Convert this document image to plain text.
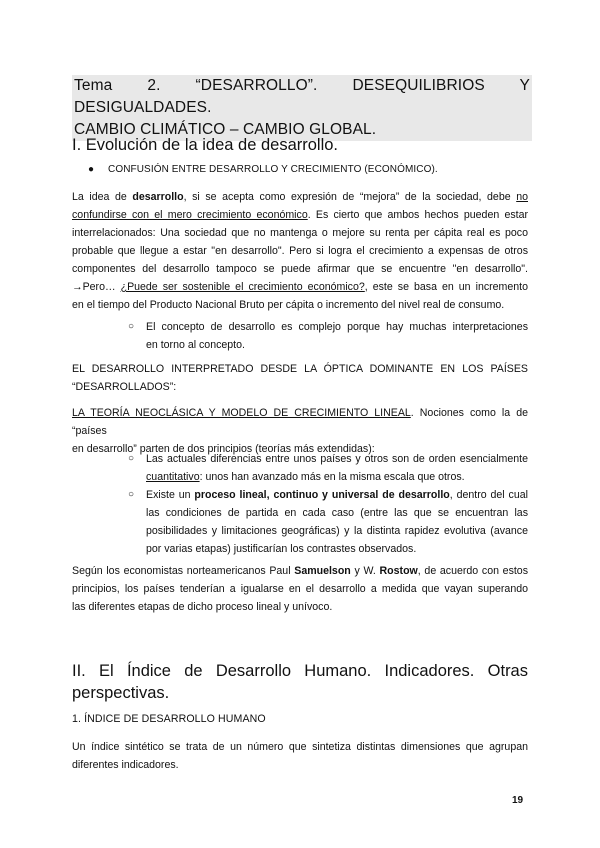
Tema 2. “DESARROLLO”. DESEQUILIBRIOS Y DESIGUALDADES.
CAMBIO CLIMÁTICO – CAMBIO GLOBAL.
I. Evolución de la idea de desarrollo.
● CONFUSIÓN ENTRE DESARROLLO Y CRECIMIENTO (ECONÓMICO).
La idea de desarrollo, si se acepta como expresión de “mejora” de la sociedad, debe no
confundirse con el mero crecimiento económico. Es cierto que ambos hechos pueden estar
interrelacionados: Una sociedad que no mantenga o mejore su renta per cápita real es poco
probable que llegue a estar "en desarrollo". Pero si logra el crecimiento a expensas de otros
componentes del desarrollo tampoco se puede afirmar que se encuentre "en desarrollo".
→Pero… ¿Puede ser sostenible el crecimiento económico?, este se basa en un incremento
en el tiempo del Producto Nacional Bruto per cápita o incremento del nivel real de consumo.
○ El concepto de desarrollo es complejo porque hay muchas interpretaciones
en torno al concepto.
EL DESARROLLO INTERPRETADO DESDE LA ÓPTICA DOMINANTE EN LOS PAÍSES
“DESARROLLADOS”:
LA TEORÍA NEOCLÁSICA Y MODELO DE CRECIMIENTO LINEAL. Nociones como la de “países
en desarrollo” parten de dos principios (teorías más extendidas):
○ Las actuales diferencias entre unos países y otros son de orden esencialmente
cuantitativo: unos han avanzado más en la misma escala que otros.
○ Existe un proceso lineal, continuo y universal de desarrollo, dentro del cual
las condiciones de partida en cada caso (entre las que se encuentran las
posibilidades y limitaciones geográficas) y la distinta rapidez evolutiva (avance
por varias etapas) justificarían los contrastes observados.
Según los economistas norteamericanos Paul Samuelson y W. Rostow, de acuerdo con estos
principios, los países tenderían a igualarse en el desarrollo a medida que vayan superando
las diferentes etapas de dicho proceso lineal y unívoco.
II. El Índice de Desarrollo Humano. Indicadores. Otras
perspectivas.
1. ÍNDICE DE DESARROLLO HUMANO
Un índice sintético se trata de un número que sintetiza distintas dimensiones que agrupan
diferentes indicadores.
19
